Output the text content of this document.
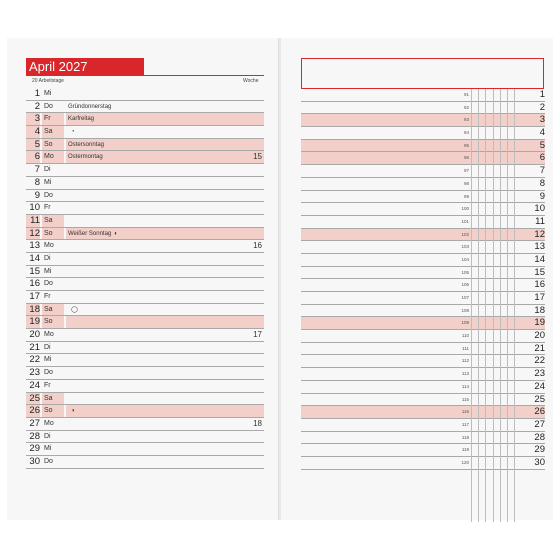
April 2027
20 Arbeitstage	Woche
1 Mi
2 Do	Gründonnerstag
3 Fr	Karfreitag
4 Sa	◔
5 So	Ostersonntag
6 Mo	Ostermontag	15
7 Di
8 Mi
9 Do
10 Fr
11 Sa
12 So	Weißer Sonntag ◐
13 Mo	16
14 Di
15 Mi
16 Do
17 Fr
18 Sa	◯
19 So
20 Mo	17
21 Di
22 Mi
23 Do
24 Fr
25 Sa
26 So	◑
27 Mo	18
28 Di
29 Mi
30 Do
91	1
92	2
93	3
94	4
95	5
96	6
97	7
98	8
99	9
100	10
101	11
102	12
103	13
104	14
105	15
106	16
107	17
108	18
109	19
110	20
111	21
112	22
113	23
114	24
115	25
116	26
117	27
118	28
119	29
120	30
